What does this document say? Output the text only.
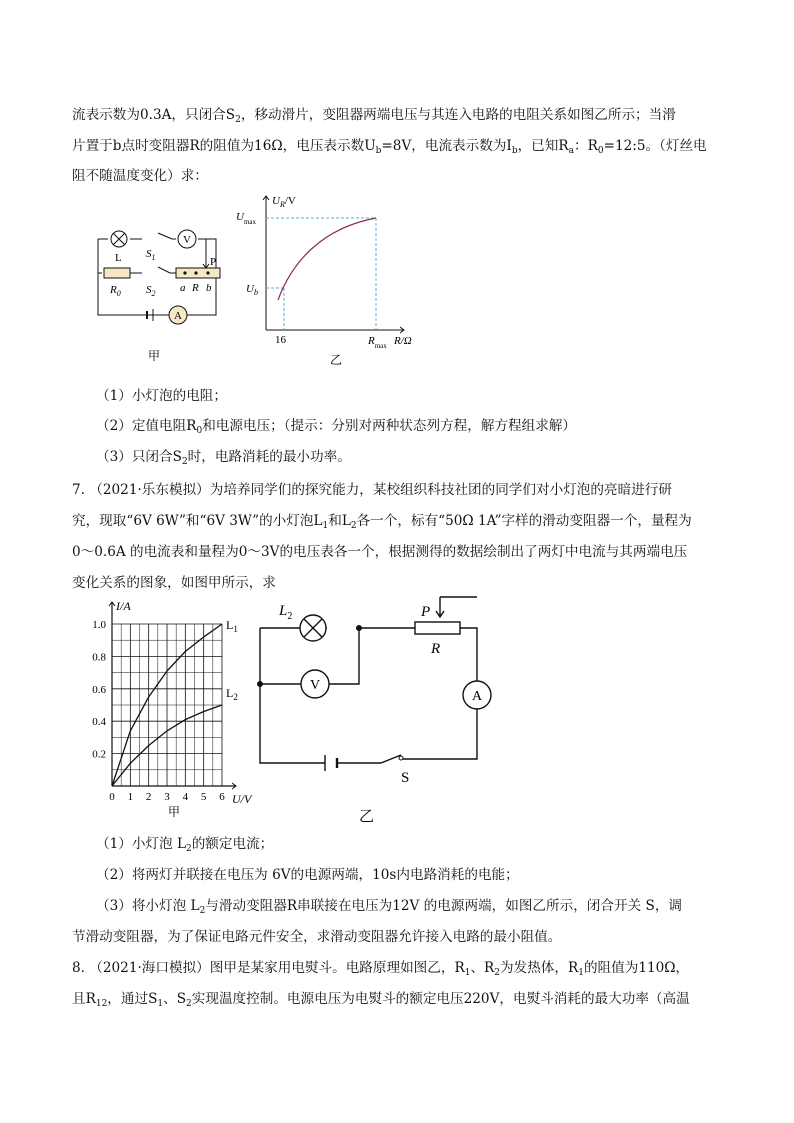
流表示数为0.3A，只闭合$S_2$，移动滑片，变阻器两端电压与其连入电路的电阻关系如图乙所示；当滑
片置于b点时变阻器R的阻值为16Ω，电压表示数$U_b=8V$，电流表示数为$I_b$，已知$R_a$：$R_0=12:5$。（灯丝电
阻不随温度变化）求：
V
A
L $S_1$
$R_0$ $S_2$
P
a R b
甲
$U_R/V$
$U_{max}$
$U_b$
16	$R_{max}$ R/Ω
乙
（1）小灯泡的电阻；
（2）定值电阻$R_0$和电源电压；（提示：分别对两种状态列方程，解方程组求解）
（3）只闭合$S_2$时，电路消耗的最小功率。
7. （2021·乐东模拟）为培养同学们的探究能力，某校组织科技社团的同学们对小灯泡的亮暗进行研
究，现取“6V 6W”和“6V 3W”的小灯泡$L_1$和$L_2$各一个，标有“50Ω 1A”字样的滑动变阻器一个，量程为
0～0.6A 的电流表和量程为0～3V的电压表各一个，根据测得的数据绘制出了两灯中电流与其两端电压
变化关系的图象，如图甲所示，求
1.0
0.8
0.6
0.4
0.2
0 1 2 3 4 5 6
I/A
U/V
$L_1$
$L_2$
甲
V
A
$L_2$	P
R
S
乙
（1）小灯泡 $L_2$的额定电流；
（2）将两灯并联接在电压为 6V的电源两端，10s内电路消耗的电能；
（3）将小灯泡 $L_2$与滑动变阻器R串联接在电压为12V 的电源两端，如图乙所示，闭合开关 S，调
节滑动变阻器，为了保证电路元件安全，求滑动变阻器允许接入电路的最小阻值。
8. （2021·海口模拟）图甲是某家用电熨斗。电路原理如图乙，$R_1$、$R_2$为发热体，$R_1$的阻值为110Ω，
且$R_{12}$，通过$S_1$、$S_2$实现温度控制。电源电压为电熨斗的额定电压220V，电熨斗消耗的最大功率（高温
